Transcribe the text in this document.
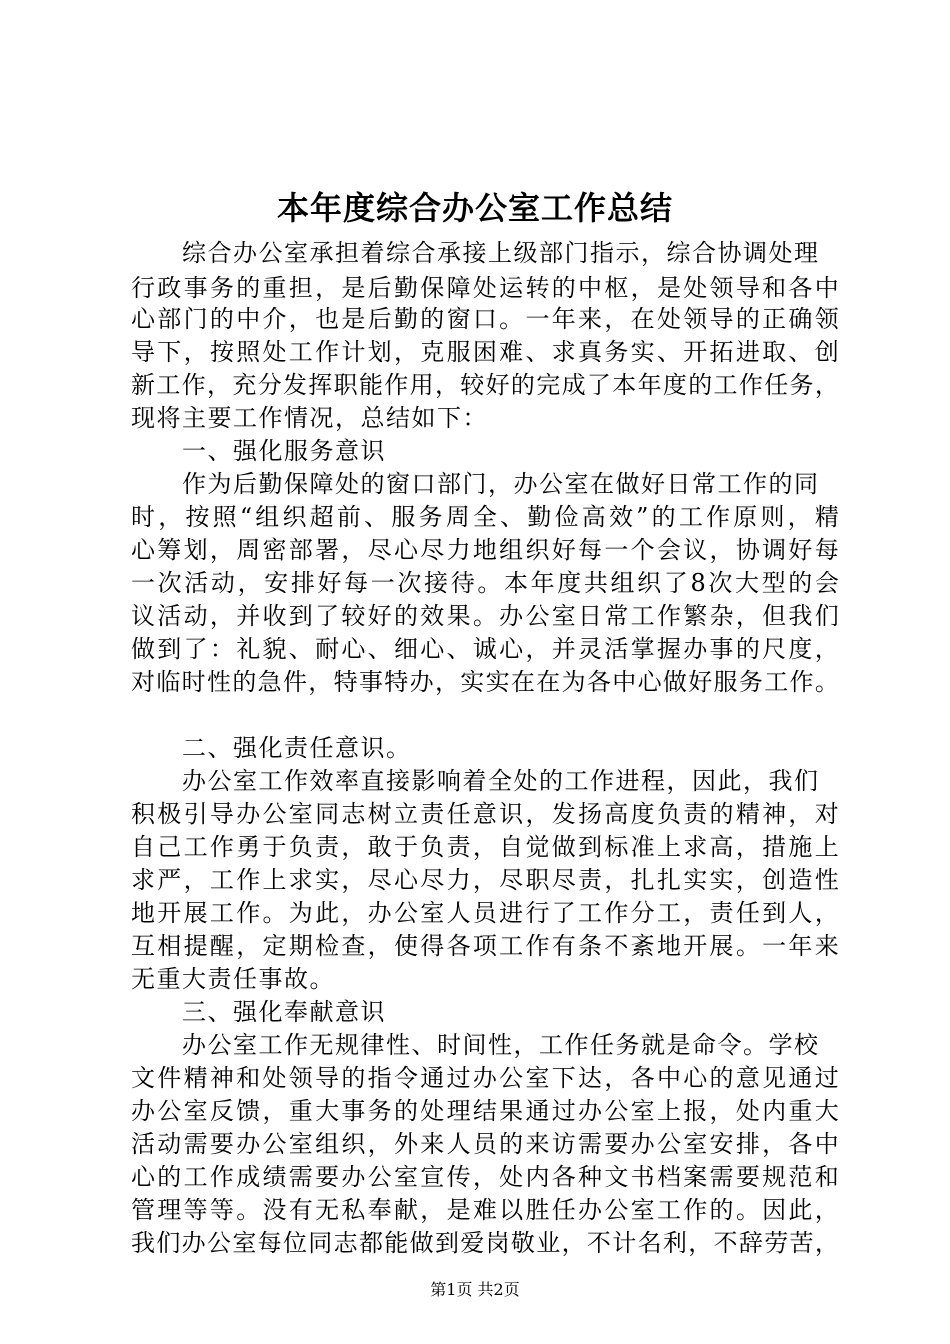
本年度综合办公室工作总结
综合办公室承担着综合承接上级部门指示，综合协调处理
行 政 事 务 的 重 担 ， 是 后 勤 保 障 处 运 转 的 中 枢 ， 是 处 领 导 和 各 中
心 部 门 的 中 介 ， 也 是 后 勤 的 窗 口 。 一 年 来 ， 在 处 领 导 的 正 确 领
导 下 ， 按 照 处 工 作 计 划 ， 克 服 困 难 、 求 真 务 实 、 开 拓 进 取 、 创
新 工 作 ， 充 分 发 挥 职 能 作 用 ， 较 好 的 完 成 了 本 年 度 的 工 作 任 务 ，
现将主要工作情况，总结如下：
一、强化服务意识
作为后勤保障处的窗口部门，办公室在做好日常工作的同
时 ， 按 照 “ 组 织 超 前 、 服 务 周 全 、 勤 俭 高 效 ” 的 工 作 原 则 ， 精
心 筹 划 ， 周 密 部 署 ， 尽 心 尽 力 地 组 织 好 每 一 个 会 议 ， 协 调 好 每
一 次 活 动 ， 安 排 好 每 一 次 接 待 。 本 年 度 共 组 织 了 8 次 大 型 的 会
议 活 动 ， 并 收 到 了 较 好 的 效 果 。 办 公 室 日 常 工 作 繁 杂 ， 但 我 们
做 到 了 ： 礼 貌 、 耐 心 、 细 心 、 诚 心 ， 并 灵 活 掌 握 办 事 的 尺 度 ，
对 临 时 性 的 急 件 ， 特 事 特 办 ， 实 实 在 在 为 各 中 心 做 好 服 务 工 作 。
二、强化责任意识。
办公室工作效率直接影响着全处的工作进程，因此，我们
积 极 引 导 办 公 室 同 志 树 立 责 任 意 识 ， 发 扬 高 度 负 责 的 精 神 ， 对
自 己 工 作 勇 于 负 责 ， 敢 于 负 责 ， 自 觉 做 到 标 准 上 求 高 ， 措 施 上
求 严 ， 工 作 上 求 实 ， 尽 心 尽 力 ， 尽 职 尽 责 ， 扎 扎 实 实 ， 创 造 性
地 开 展 工 作 。 为 此 ， 办 公 室 人 员 进 行 了 工 作 分 工 ， 责 任 到 人 ，
互 相 提 醒 ， 定 期 检 查 ， 使 得 各 项 工 作 有 条 不 紊 地 开 展 。 一 年 来
无重大责任事故。
三、强化奉献意识
办公室工作无规律性、时间性，工作任务就是命令。学校
文 件 精 神 和 处 领 导 的 指 令 通 过 办 公 室 下 达 ， 各 中 心 的 意 见 通 过
办 公 室 反 馈 ， 重 大 事 务 的 处 理 结 果 通 过 办 公 室 上 报 ， 处 内 重 大
活 动 需 要 办 公 室 组 织 ， 外 来 人 员 的 来 访 需 要 办 公 室 安 排 ， 各 中
心 的 工 作 成 绩 需 要 办 公 室 宣 传 ， 处 内 各 种 文 书 档 案 需 要 规 范 和
管 理 等 等 。 没 有 无 私 奉 献 ， 是 难 以 胜 任 办 公 室 工 作 的 。 因 此 ，
我 们 办 公 室 每 位 同 志 都 能 做 到 爱 岗 敬 业 ， 不 计 名 利 ， 不 辞 劳 苦 ，
第1页 共2页
